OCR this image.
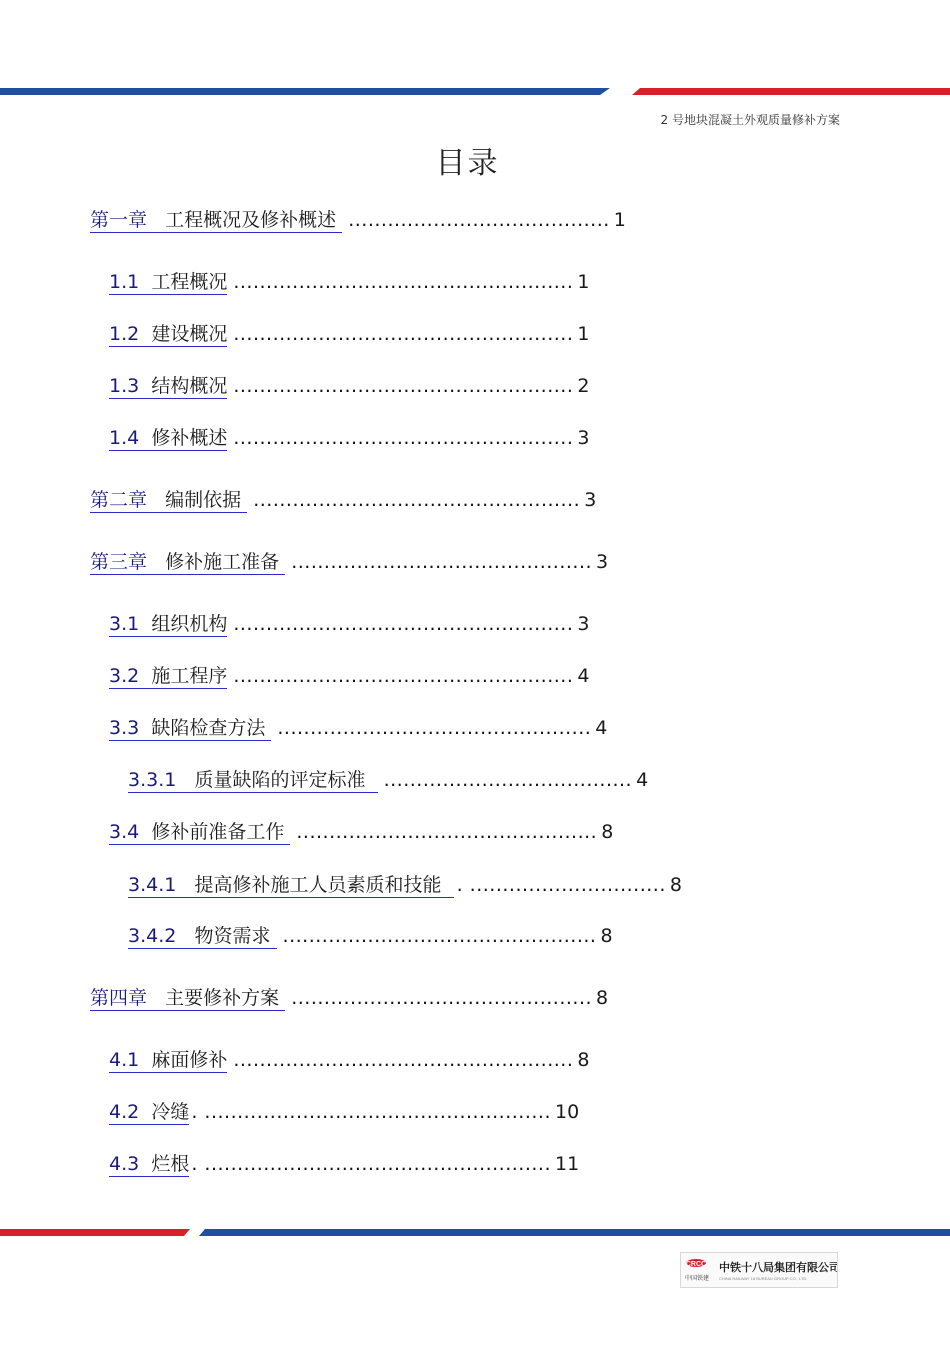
2 号地块混凝土外观质量修补方案
目录
第一章 工程概况及修补概述 ........................................ 1
1.1 工程概况 .................................................... 1
1.2 建设概况 .................................................... 1
1.3 结构概况 .................................................... 2
1.4 修补概述 .................................................... 3
第二章 编制依据 .................................................. 3
第三章 修补施工准备 .............................................. 3
3.1 组织机构 .................................................... 3
3.2 施工程序 .................................................... 4
3.3 缺陷检查方法 ................................................ 4
3.3.1 质量缺陷的评定标准 ...................................... 4
3.4 修补前准备工作 .............................................. 8
3.4.1 提高修补施工人员素质和技能 . .............................. 8
3.4.2 物资需求 ................................................ 8
第四章 主要修补方案 .............................................. 8
4.1 麻面修补 .................................................... 8
4.2 冷缝 . ..................................................... 10
4.3 烂根 . ..................................................... 11
CRCC
中国铁建
中铁十八局集团有限公司
CHINA RAILWAY 18 BUREAU GROUP CO., LTD.
